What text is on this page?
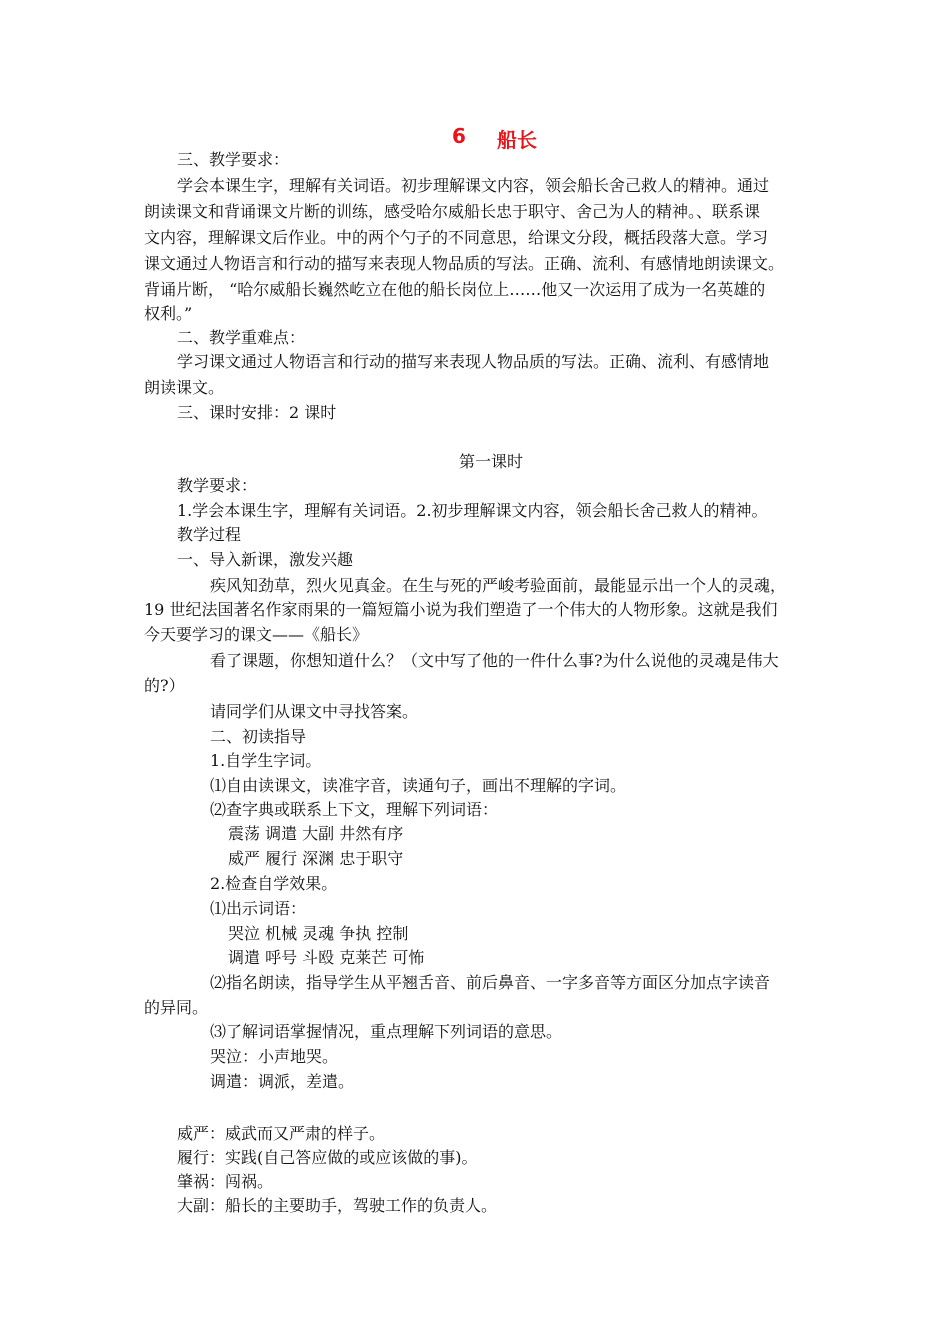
6 船长
三、教学要求：
学会本课生字，理解有关词语。初步理解课文内容，领会船长舍己救人的精神。通过
朗读课文和背诵课文片断的训练，感受哈尔威船长忠于职守、舍己为人的精神。、联系课
文内容，理解课文后作业。中的两个勺子的不同意思，给课文分段，概括段落大意。学习
课文通过人物语言和行动的描写来表现人物品质的写法。正确、流利、有感情地朗读课文。
背诵片断， “哈尔威船长巍然屹立在他的船长岗位上……他又一次运用了成为一名英雄的
权利。”
二、教学重难点：
学习课文通过人物语言和行动的描写来表现人物品质的写法。正确、流利、有感情地
朗读课文。
三、课时安排：2 课时
第一课时
教学要求：
1.学会本课生字，理解有关词语。2.初步理解课文内容，领会船长舍己救人的精神。
教学过程
一、导入新课，激发兴趣
疾风知劲草，烈火见真金。在生与死的严峻考验面前，最能显示出一个人的灵魂，
19 世纪法国著名作家雨果的一篇短篇小说为我们塑造了一个伟大的人物形象。这就是我们
今天要学习的课文——《船长》
看了课题，你想知道什么？（文中写了他的一件什么事?为什么说他的灵魂是伟大
的?）
请同学们从课文中寻找答案。
二、初读指导
1.自学生字词。
⑴自由读课文，读准字音，读通句子，画出不理解的字词。
⑵查字典或联系上下文，理解下列词语：
震荡 调遣 大副 井然有序
威严 履行 深渊 忠于职守
2.检查自学效果。
⑴出示词语：
哭泣 机械 灵魂 争执 控制
调遣 呼号 斗殴 克莱芒 可怖
⑵指名朗读，指导学生从平翘舌音、前后鼻音、一字多音等方面区分加点字读音
的异同。
⑶了解词语掌握情况，重点理解下列词语的意思。
哭泣：小声地哭。
调遣：调派，差遣。
威严：威武而又严肃的样子。
履行：实践(自己答应做的或应该做的事)。
肇祸：闯祸。
大副：船长的主要助手，驾驶工作的负责人。
